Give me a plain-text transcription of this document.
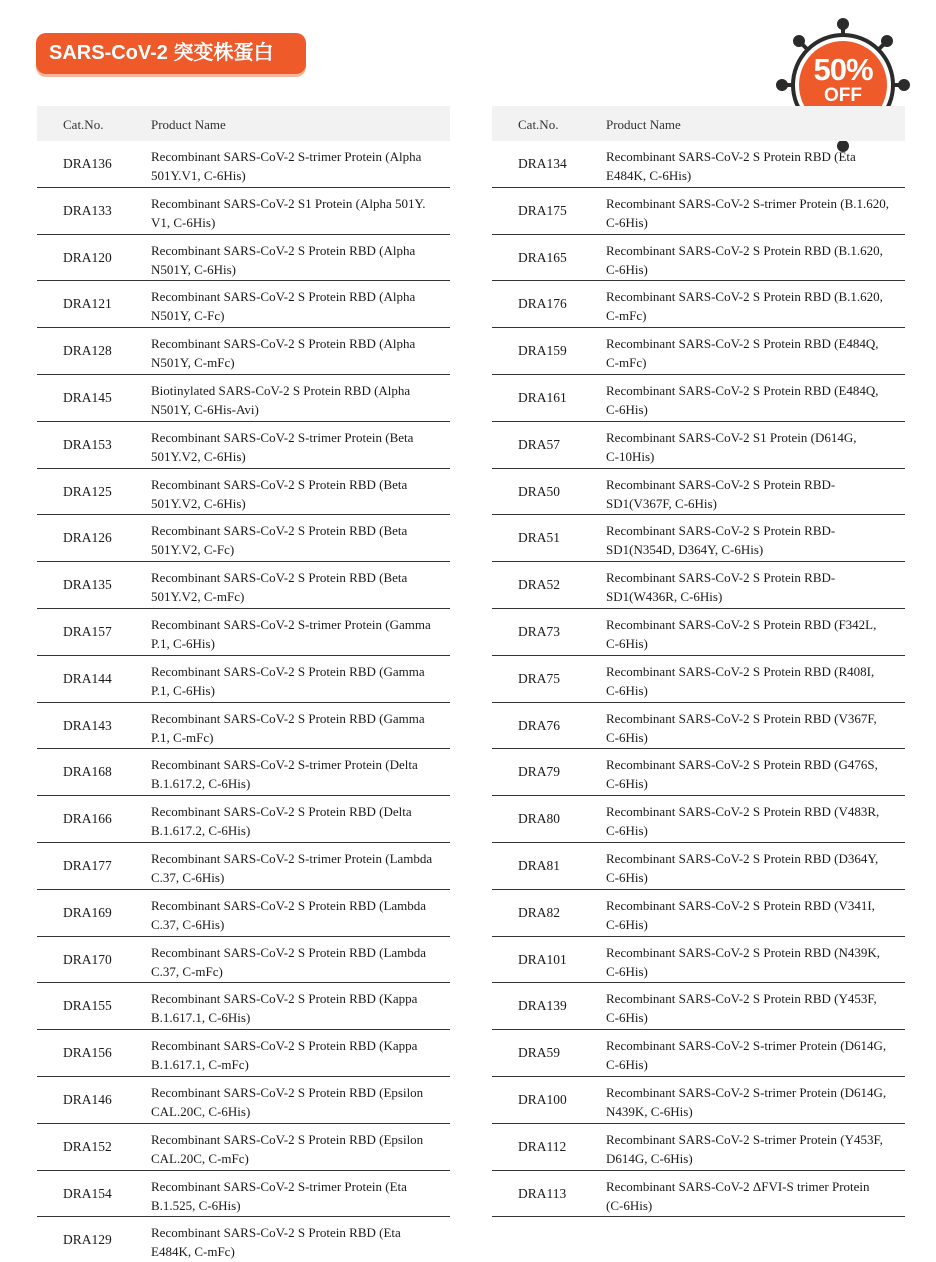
SARS-CoV-2 突变株蛋白	50%
OFF
Cat.No.	Product Name
DRA136	Recombinant SARS-CoV-2 S-trimer Protein (Alpha
501Y.V1, C-6His)
DRA133	Recombinant SARS-CoV-2 S1 Protein (Alpha 501Y.
V1, C-6His)
DRA120	Recombinant SARS-CoV-2 S Protein RBD (Alpha
N501Y, C-6His)
DRA121	Recombinant SARS-CoV-2 S Protein RBD (Alpha
N501Y, C-Fc)
DRA128	Recombinant SARS-CoV-2 S Protein RBD (Alpha
N501Y, C-mFc)
DRA145	Biotinylated SARS-CoV-2 S Protein RBD (Alpha
N501Y, C-6His-Avi)
DRA153	Recombinant SARS-CoV-2 S-trimer Protein (Beta
501Y.V2, C-6His)
DRA125	Recombinant SARS-CoV-2 S Protein RBD (Beta
501Y.V2, C-6His)
DRA126	Recombinant SARS-CoV-2 S Protein RBD (Beta
501Y.V2, C-Fc)
DRA135	Recombinant SARS-CoV-2 S Protein RBD (Beta
501Y.V2, C-mFc)
DRA157	Recombinant SARS-CoV-2 S-trimer Protein (Gamma
P.1, C-6His)
DRA144	Recombinant SARS-CoV-2 S Protein RBD (Gamma
P.1, C-6His)
DRA143	Recombinant SARS-CoV-2 S Protein RBD (Gamma
P.1, C-mFc)
DRA168	Recombinant SARS-CoV-2 S-trimer Protein (Delta
B.1.617.2, C-6His)
DRA166	Recombinant SARS-CoV-2 S Protein RBD (Delta
B.1.617.2, C-6His)
DRA177	Recombinant SARS-CoV-2 S-trimer Protein (Lambda
C.37, C-6His)
DRA169	Recombinant SARS-CoV-2 S Protein RBD (Lambda
C.37, C-6His)
DRA170	Recombinant SARS-CoV-2 S Protein RBD (Lambda
C.37, C-mFc)
DRA155	Recombinant SARS-CoV-2 S Protein RBD (Kappa
B.1.617.1, C-6His)
DRA156	Recombinant SARS-CoV-2 S Protein RBD (Kappa
B.1.617.1, C-mFc)
DRA146	Recombinant SARS-CoV-2 S Protein RBD (Epsilon
CAL.20C, C-6His)
DRA152	Recombinant SARS-CoV-2 S Protein RBD (Epsilon
CAL.20C, C-mFc)
DRA154	Recombinant SARS-CoV-2 S-trimer Protein (Eta
B.1.525, C-6His)
DRA129	Recombinant SARS-CoV-2 S Protein RBD (Eta
E484K, C-mFc)
Cat.No.	Product Name
DRA134	Recombinant SARS-CoV-2 S Protein RBD (Eta
E484K, C-6His)
DRA175	Recombinant SARS-CoV-2 S-trimer Protein (B.1.620,
C-6His)
DRA165	Recombinant SARS-CoV-2 S Protein RBD (B.1.620,
C-6His)
DRA176	Recombinant SARS-CoV-2 S Protein RBD (B.1.620,
C-mFc)
DRA159	Recombinant SARS-CoV-2 S Protein RBD (E484Q,
C-mFc)
DRA161	Recombinant SARS-CoV-2 S Protein RBD (E484Q,
C-6His)
DRA57	Recombinant SARS-CoV-2 S1 Protein (D614G,
C-10His)
DRA50	Recombinant SARS-CoV-2 S Protein RBD-
SD1(V367F, C-6His)
DRA51	Recombinant SARS-CoV-2 S Protein RBD-
SD1(N354D, D364Y, C-6His)
DRA52	Recombinant SARS-CoV-2 S Protein RBD-
SD1(W436R, C-6His)
DRA73	Recombinant SARS-CoV-2 S Protein RBD (F342L,
C-6His)
DRA75	Recombinant SARS-CoV-2 S Protein RBD (R408I,
C-6His)
DRA76	Recombinant SARS-CoV-2 S Protein RBD (V367F,
C-6His)
DRA79	Recombinant SARS-CoV-2 S Protein RBD (G476S,
C-6His)
DRA80	Recombinant SARS-CoV-2 S Protein RBD (V483R,
C-6His)
DRA81	Recombinant SARS-CoV-2 S Protein RBD (D364Y,
C-6His)
DRA82	Recombinant SARS-CoV-2 S Protein RBD (V341I,
C-6His)
DRA101	Recombinant SARS-CoV-2 S Protein RBD (N439K,
C-6His)
DRA139	Recombinant SARS-CoV-2 S Protein RBD (Y453F,
C-6His)
DRA59	Recombinant SARS-CoV-2 S-trimer Protein (D614G,
C-6His)
DRA100	Recombinant SARS-CoV-2 S-trimer Protein (D614G,
N439K, C-6His)
DRA112	Recombinant SARS-CoV-2 S-trimer Protein (Y453F,
D614G, C-6His)
DRA113	Recombinant SARS-CoV-2 ΔFVI-S trimer Protein
(C-6His)
